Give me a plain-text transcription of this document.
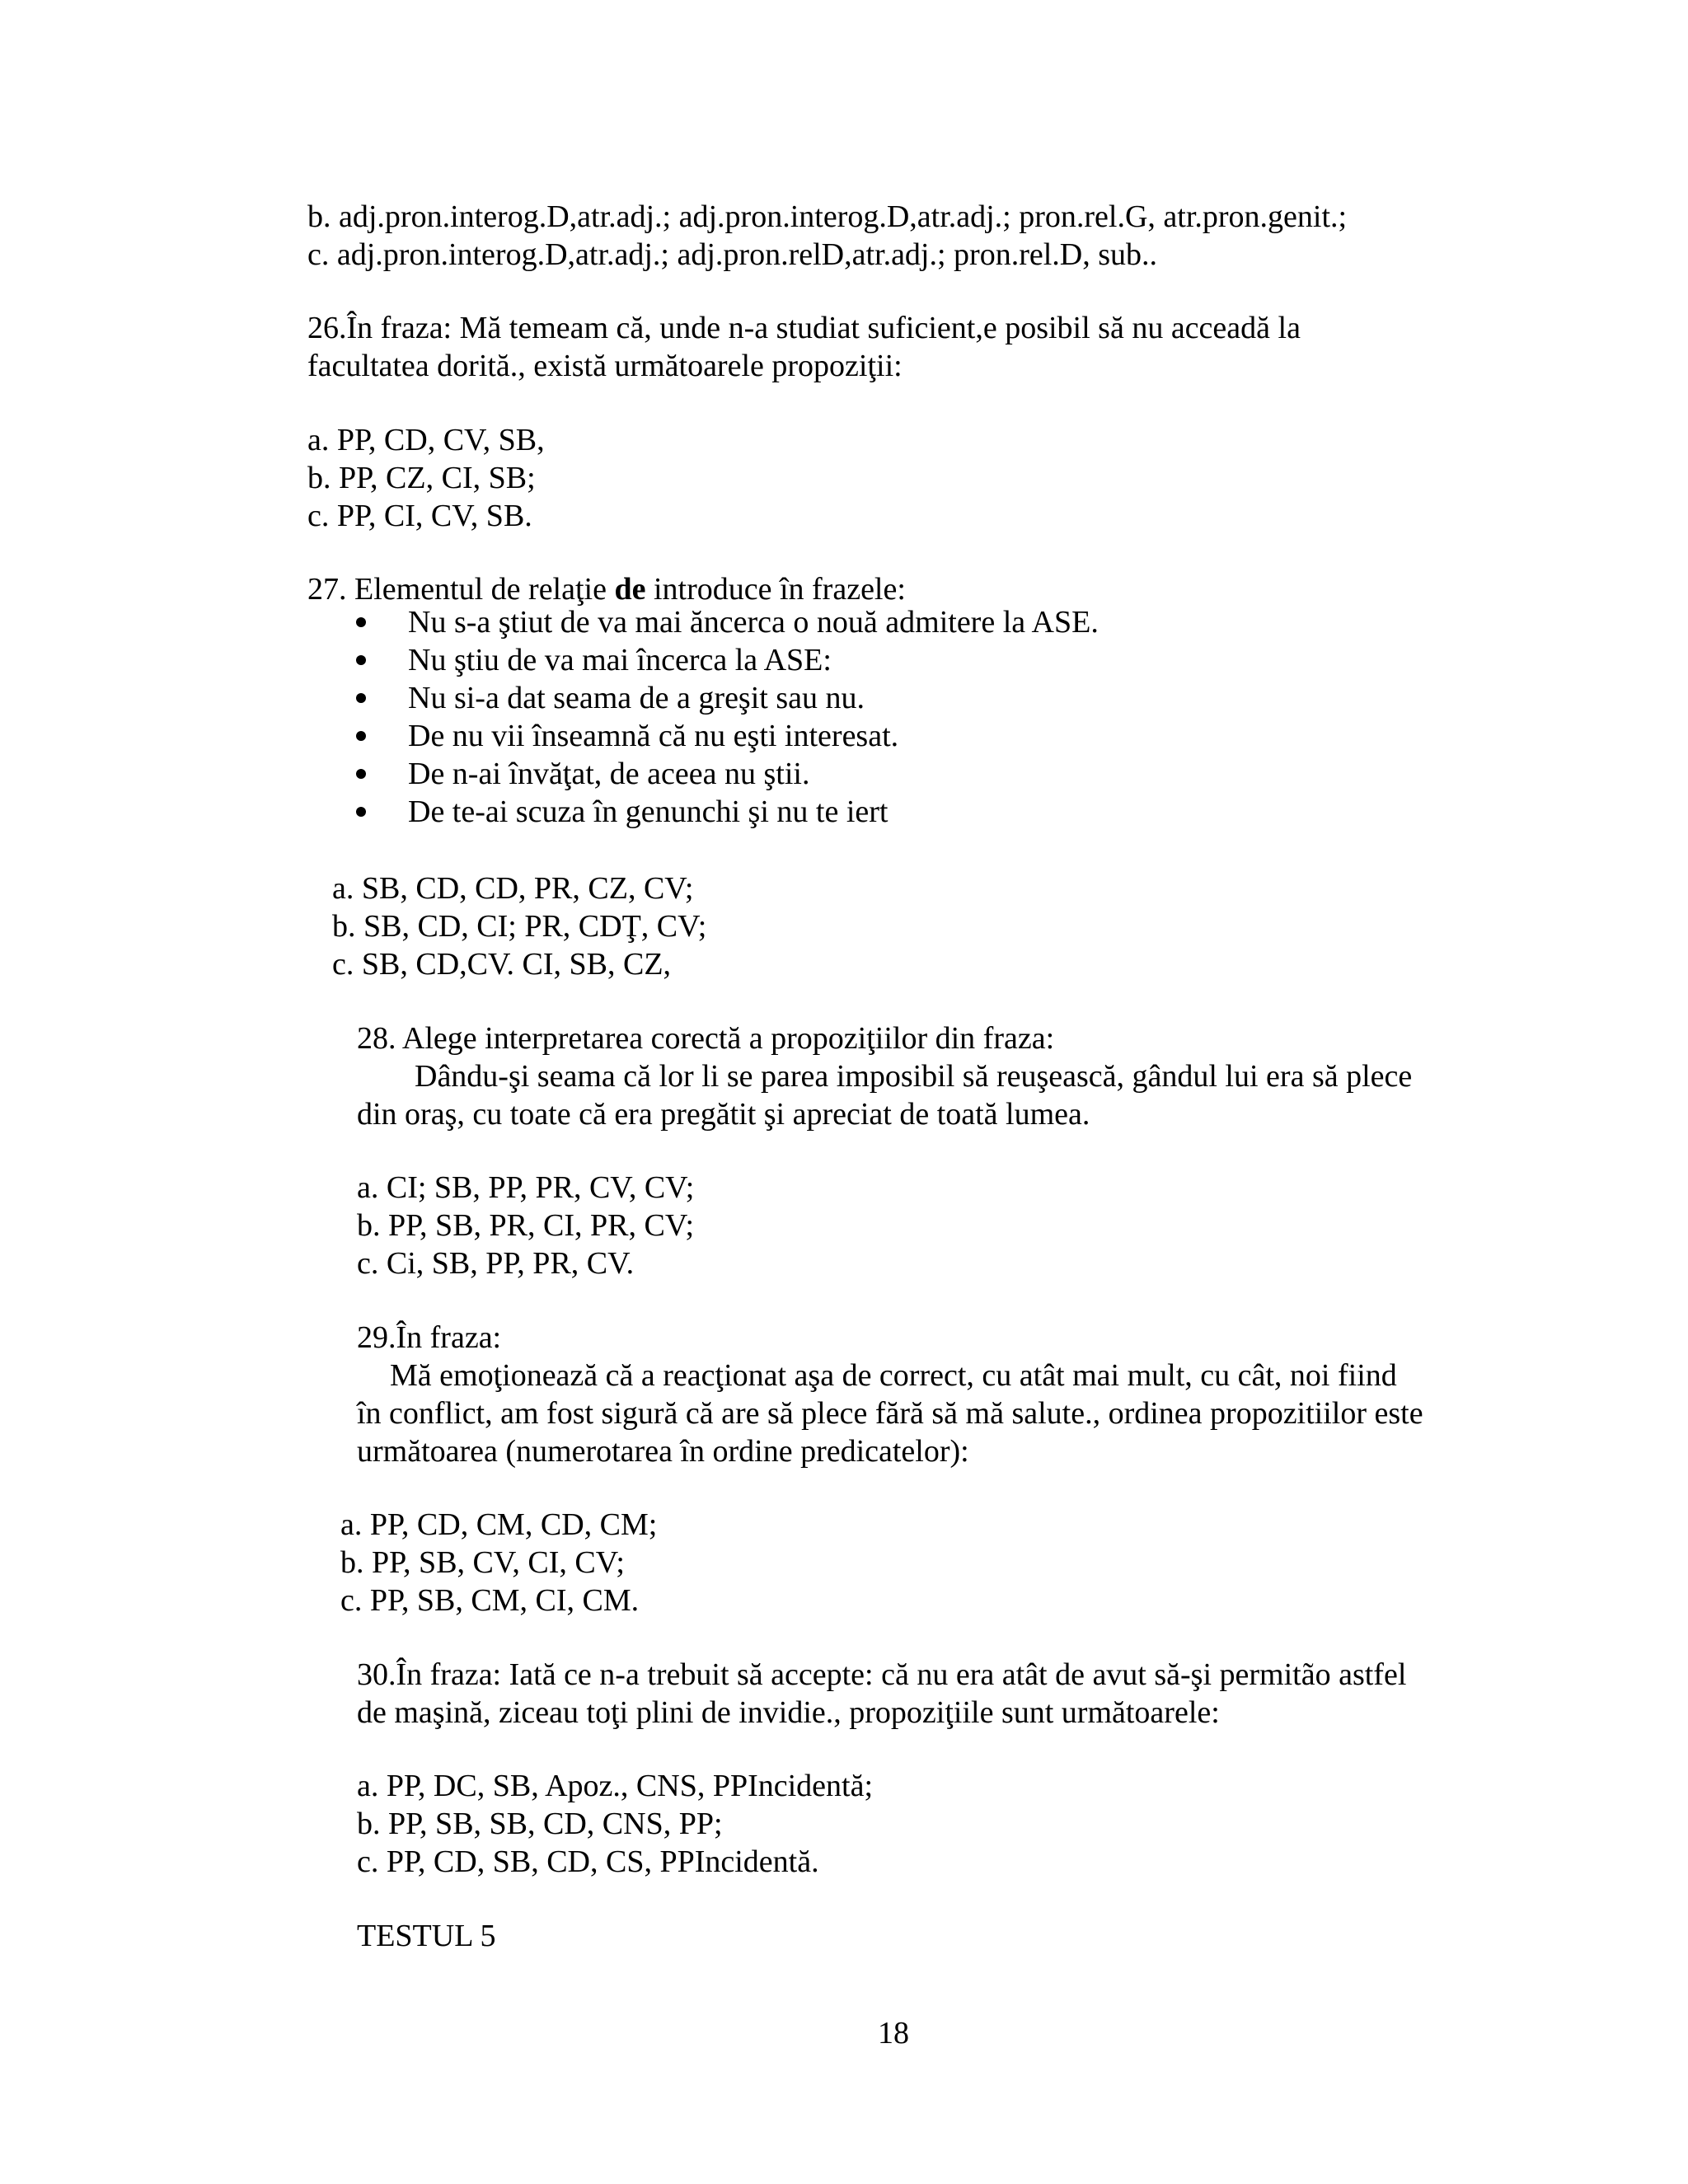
b. adj.pron.interog.D,atr.adj.; adj.pron.interog.D,atr.adj.; pron.rel.G, atr.pron.genit.;
c. adj.pron.interog.D,atr.adj.; adj.pron.relD,atr.adj.; pron.rel.D, sub..
26.În fraza: Mă temeam că, unde n-a studiat suficient,e posibil să nu acceadă la
facultatea dorită., există următoarele propoziţii:
a. PP, CD, CV, SB,
b. PP, CZ, CI, SB;
c. PP, CI, CV, SB.
27. Elementul de relaţie de introduce în frazele:
Nu s-a ştiut de va mai ăncerca o nouă admitere la ASE.
Nu ştiu de va mai încerca la ASE:
Nu si-a dat seama de a greşit sau nu.
De nu vii înseamnă că nu eşti interesat.
De n-ai învăţat, de aceea nu ştii.
De te-ai scuza în genunchi şi nu te iert
a. SB, CD, CD, PR, CZ, CV;
b. SB, CD, CI; PR, CDŢ, CV;
c. SB, CD,CV. CI, SB, CZ,
28. Alege interpretarea corectă a propoziţiilor din fraza:
Dându-şi seama că lor li se parea imposibil să reuşească, gândul lui era să plece
din oraş, cu toate că era pregătit şi apreciat de toată lumea.
a. CI; SB, PP, PR, CV, CV;
b. PP, SB, PR, CI, PR, CV;
c. Ci, SB, PP, PR, CV.
29.În fraza:
Mă emoţionează că a reacţionat aşa de correct, cu atât mai mult, cu cât, noi fiind
în conflict, am fost sigură că are să plece fără să mă salute., ordinea propozitiilor este
următoarea (numerotarea în ordine predicatelor):
a. PP, CD, CM, CD, CM;
b. PP, SB, CV, CI, CV;
c. PP, SB, CM, CI, CM.
30.În fraza: Iată ce n-a trebuit să accepte: că nu era atât de avut să-şi permitão astfel
de maşină, ziceau toţi plini de invidie., propoziţiile sunt următoarele:
a. PP, DC, SB, Apoz., CNS, PPIncidentă;
b. PP, SB, SB, CD, CNS, PP;
c. PP, CD, SB, CD, CS, PPIncidentă.
TESTUL 5
18
